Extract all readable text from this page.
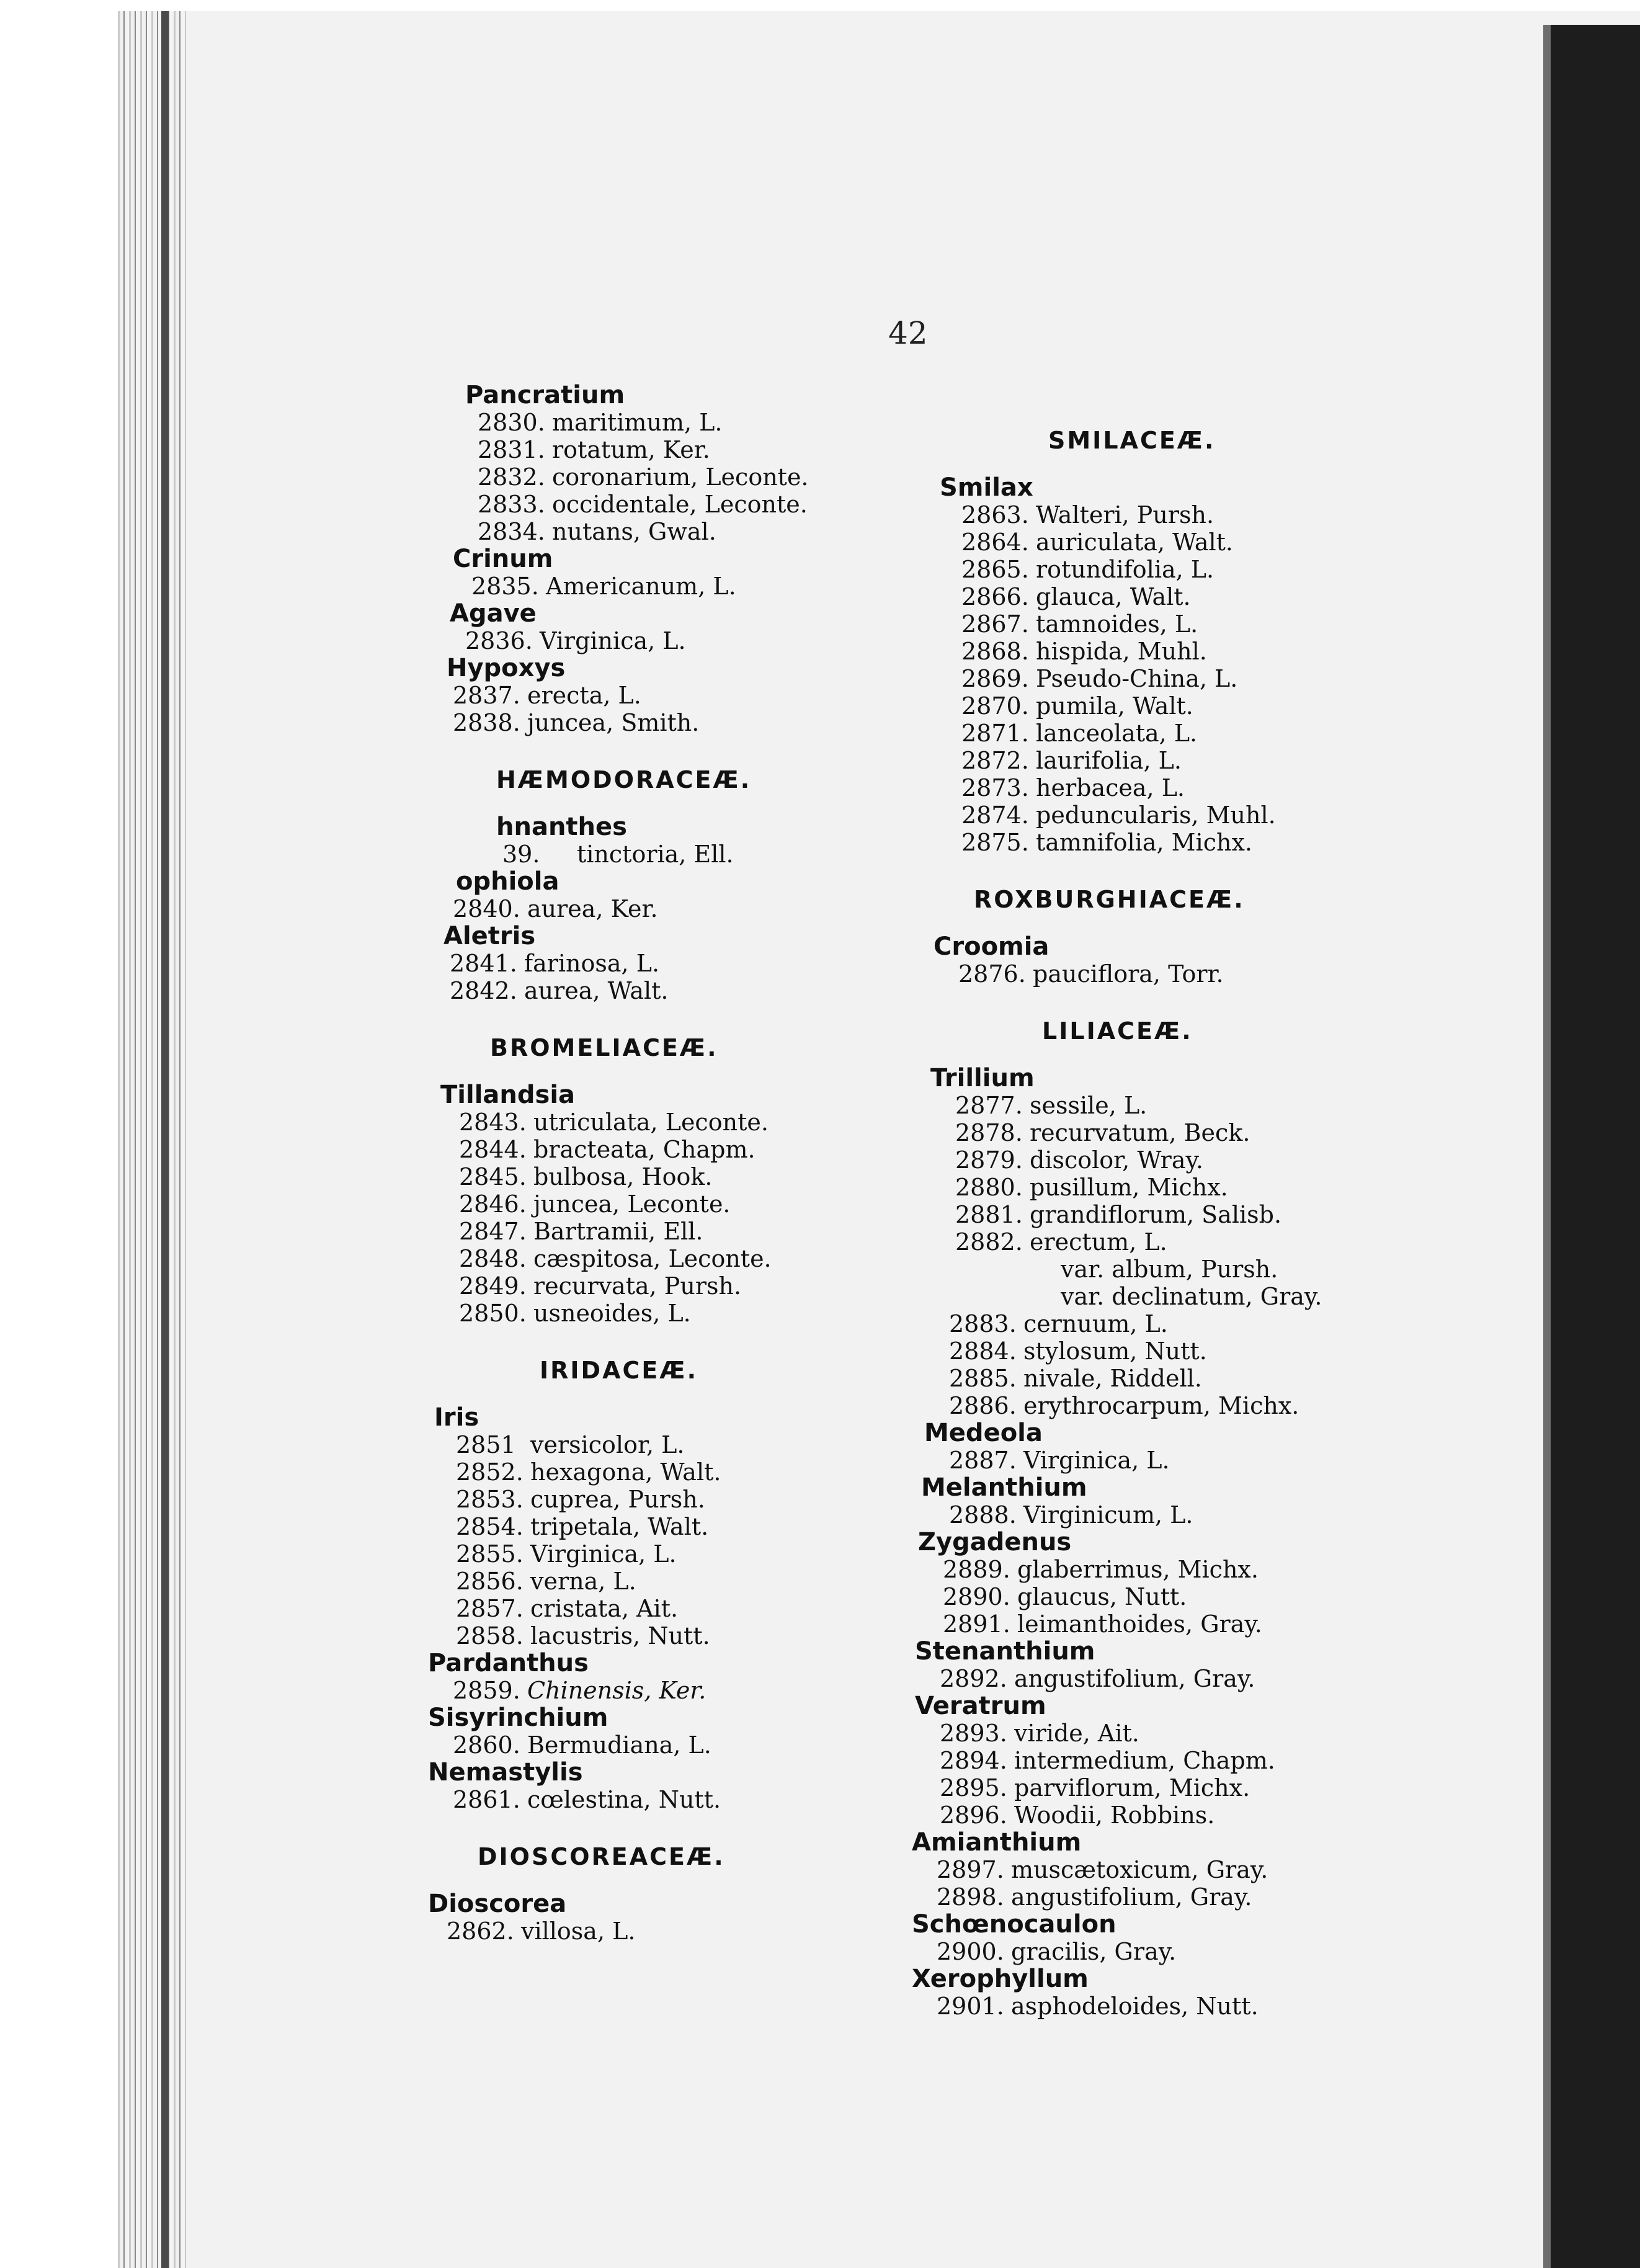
42
Pancratium
2830. maritimum, L.
2831. rotatum, Ker.
2832. coronarium, Leconte.
2833. occidentale, Leconte.
2834. nutans, Gwal.
Crinum
2835. Americanum, L.
Agave
2836. Virginica, L.
Hypoxys
2837. erecta, L.
2838. juncea, Smith.
HÆMODORACEÆ.
hnanthes
39. tinctoria, Ell.
ophiola
2840. aurea, Ker.
Aletris
2841. farinosa, L.
2842. aurea, Walt.
BROMELIACEÆ.
Tillandsia
2843. utriculata, Leconte.
2844. bracteata, Chapm.
2845. bulbosa, Hook.
2846. juncea, Leconte.
2847. Bartramii, Ell.
2848. cæspitosa, Leconte.
2849. recurvata, Pursh.
2850. usneoides, L.
IRIDACEÆ.
Iris
2851 versicolor, L.
2852. hexagona, Walt.
2853. cuprea, Pursh.
2854. tripetala, Walt.
2855. Virginica, L.
2856. verna, L.
2857. cristata, Ait.
2858. lacustris, Nutt.
Pardanthus
2859. Chinensis, Ker.
Sisyrinchium
2860. Bermudiana, L.
Nemastylis
2861. cœlestina, Nutt.
DIOSCOREACEÆ.
Dioscorea
2862. villosa, L.
SMILACEÆ.
Smilax
2863. Walteri, Pursh.
2864. auriculata, Walt.
2865. rotundifolia, L.
2866. glauca, Walt.
2867. tamnoides, L.
2868. hispida, Muhl.
2869. Pseudo-China, L.
2870. pumila, Walt.
2871. lanceolata, L.
2872. laurifolia, L.
2873. herbacea, L.
2874. peduncularis, Muhl.
2875. tamnifolia, Michx.
ROXBURGHIACEÆ.
Croomia
2876. pauciflora, Torr.
LILIACEÆ.
Trillium
2877. sessile, L.
2878. recurvatum, Beck.
2879. discolor, Wray.
2880. pusillum, Michx.
2881. grandiflorum, Salisb.
2882. erectum, L.
var. album, Pursh.
var. declinatum, Gray.
2883. cernuum, L.
2884. stylosum, Nutt.
2885. nivale, Riddell.
2886. erythrocarpum, Michx.
Medeola
2887. Virginica, L.
Melanthium
2888. Virginicum, L.
Zygadenus
2889. glaberrimus, Michx.
2890. glaucus, Nutt.
2891. leimanthoides, Gray.
Stenanthium
2892. angustifolium, Gray.
Veratrum
2893. viride, Ait.
2894. intermedium, Chapm.
2895. parviflorum, Michx.
2896. Woodii, Robbins.
Amianthium
2897. muscætoxicum, Gray.
2898. angustifolium, Gray.
Schœnocaulon
2900. gracilis, Gray.
Xerophyllum
2901. asphodeloides, Nutt.
